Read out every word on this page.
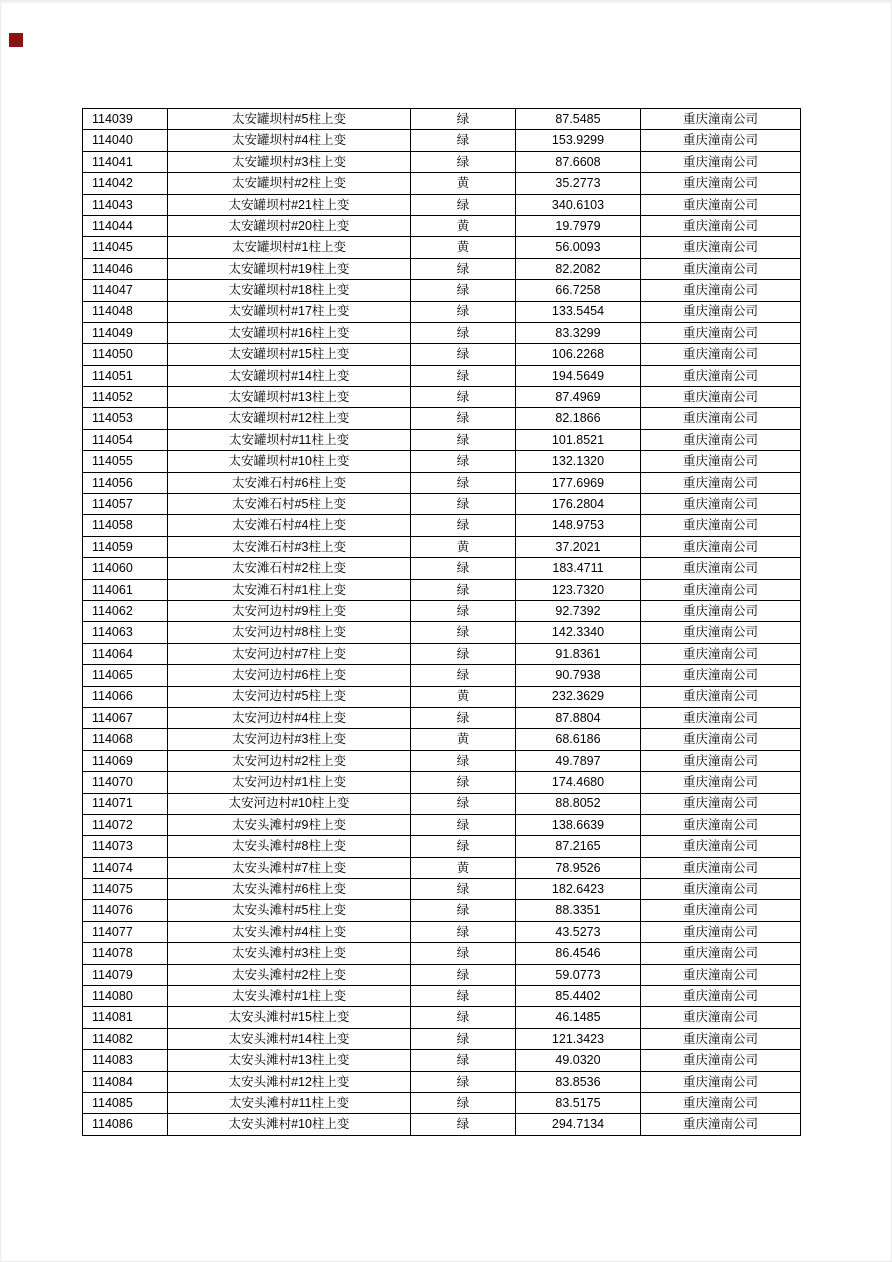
114039	太安罐坝村#5柱上变	绿	87.5485	重庆潼南公司
114040	太安罐坝村#4柱上变	绿	153.9299	重庆潼南公司
114041	太安罐坝村#3柱上变	绿	87.6608	重庆潼南公司
114042	太安罐坝村#2柱上变	黄	35.2773	重庆潼南公司
114043	太安罐坝村#21柱上变	绿	340.6103	重庆潼南公司
114044	太安罐坝村#20柱上变	黄	19.7979	重庆潼南公司
114045	太安罐坝村#1柱上变	黄	56.0093	重庆潼南公司
114046	太安罐坝村#19柱上变	绿	82.2082	重庆潼南公司
114047	太安罐坝村#18柱上变	绿	66.7258	重庆潼南公司
114048	太安罐坝村#17柱上变	绿	133.5454	重庆潼南公司
114049	太安罐坝村#16柱上变	绿	83.3299	重庆潼南公司
114050	太安罐坝村#15柱上变	绿	106.2268	重庆潼南公司
114051	太安罐坝村#14柱上变	绿	194.5649	重庆潼南公司
114052	太安罐坝村#13柱上变	绿	87.4969	重庆潼南公司
114053	太安罐坝村#12柱上变	绿	82.1866	重庆潼南公司
114054	太安罐坝村#11柱上变	绿	101.8521	重庆潼南公司
114055	太安罐坝村#10柱上变	绿	132.1320	重庆潼南公司
114056	太安滩石村#6柱上变	绿	177.6969	重庆潼南公司
114057	太安滩石村#5柱上变	绿	176.2804	重庆潼南公司
114058	太安滩石村#4柱上变	绿	148.9753	重庆潼南公司
114059	太安滩石村#3柱上变	黄	37.2021	重庆潼南公司
114060	太安滩石村#2柱上变	绿	183.4711	重庆潼南公司
114061	太安滩石村#1柱上变	绿	123.7320	重庆潼南公司
114062	太安河边村#9柱上变	绿	92.7392	重庆潼南公司
114063	太安河边村#8柱上变	绿	142.3340	重庆潼南公司
114064	太安河边村#7柱上变	绿	91.8361	重庆潼南公司
114065	太安河边村#6柱上变	绿	90.7938	重庆潼南公司
114066	太安河边村#5柱上变	黄	232.3629	重庆潼南公司
114067	太安河边村#4柱上变	绿	87.8804	重庆潼南公司
114068	太安河边村#3柱上变	黄	68.6186	重庆潼南公司
114069	太安河边村#2柱上变	绿	49.7897	重庆潼南公司
114070	太安河边村#1柱上变	绿	174.4680	重庆潼南公司
114071	太安河边村#10柱上变	绿	88.8052	重庆潼南公司
114072	太安头滩村#9柱上变	绿	138.6639	重庆潼南公司
114073	太安头滩村#8柱上变	绿	87.2165	重庆潼南公司
114074	太安头滩村#7柱上变	黄	78.9526	重庆潼南公司
114075	太安头滩村#6柱上变	绿	182.6423	重庆潼南公司
114076	太安头滩村#5柱上变	绿	88.3351	重庆潼南公司
114077	太安头滩村#4柱上变	绿	43.5273	重庆潼南公司
114078	太安头滩村#3柱上变	绿	86.4546	重庆潼南公司
114079	太安头滩村#2柱上变	绿	59.0773	重庆潼南公司
114080	太安头滩村#1柱上变	绿	85.4402	重庆潼南公司
114081	太安头滩村#15柱上变	绿	46.1485	重庆潼南公司
114082	太安头滩村#14柱上变	绿	121.3423	重庆潼南公司
114083	太安头滩村#13柱上变	绿	49.0320	重庆潼南公司
114084	太安头滩村#12柱上变	绿	83.8536	重庆潼南公司
114085	太安头滩村#11柱上变	绿	83.5175	重庆潼南公司
114086	太安头滩村#10柱上变	绿	294.7134	重庆潼南公司
